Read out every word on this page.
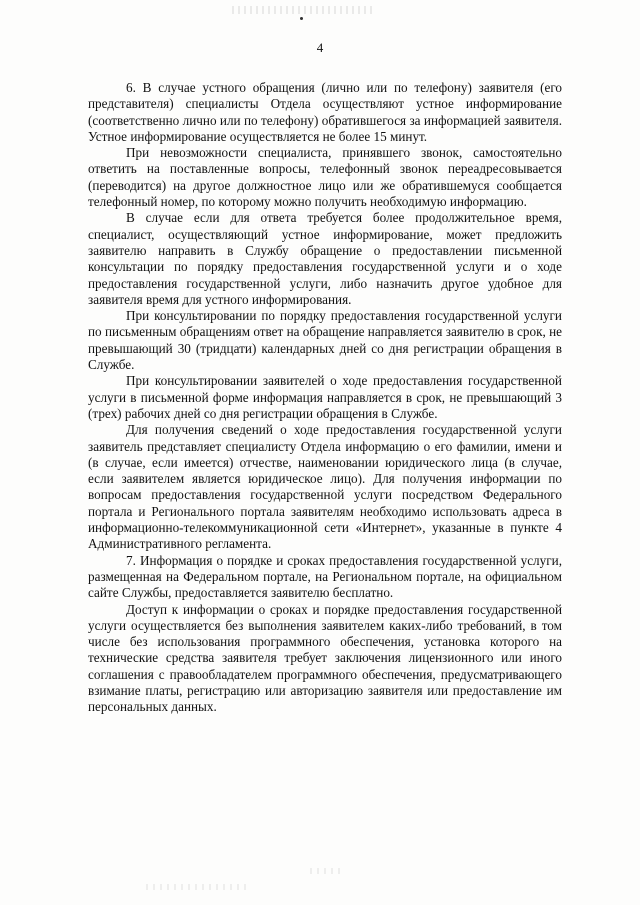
4

6. В случае устного обращения (лично или по телефону) заявителя (его представителя) специалисты Отдела осуществляют устное информирование (соответственно лично или по телефону) обратившегося за информацией заявителя. Устное информирование осуществляется не более 15 минут.

При невозможности специалиста, принявшего звонок, самостоятельно ответить на поставленные вопросы, телефонный звонок переадресовывается (переводится) на другое должностное лицо или же обратившемуся сообщается телефонный номер, по которому можно получить необходимую информацию.

В случае если для ответа требуется более продолжительное время, специалист, осуществляющий устное информирование, может предложить заявителю направить в Службу обращение о предоставлении письменной консультации по порядку предоставления государственной услуги и о ходе предоставления государственной услуги, либо назначить другое удобное для заявителя время для устного информирования.

При консультировании по порядку предоставления государственной услуги по письменным обращениям ответ на обращение направляется заявителю в срок, не превышающий 30 (тридцати) календарных дней со дня регистрации обращения в Службе.

При консультировании заявителей о ходе предоставления государственной услуги в письменной форме информация направляется в срок, не превышающий 3 (трех) рабочих дней со дня регистрации обращения в Службе.

Для получения сведений о ходе предоставления государственной услуги заявитель представляет специалисту Отдела информацию о его фамилии, имени и (в случае, если имеется) отчестве, наименовании юридического лица (в случае, если заявителем является юридическое лицо). Для получения информации по вопросам предоставления государственной услуги посредством Федерального портала и Регионального портала заявителям необходимо использовать адреса в информационно-телекоммуникационной сети «Интернет», указанные в пункте 4 Административного регламента.

7. Информация о порядке и сроках предоставления государственной услуги, размещенная на Федеральном портале, на Региональном портале, на официальном сайте Службы, предоставляется заявителю бесплатно.

Доступ к информации о сроках и порядке предоставления государственной услуги осуществляется без выполнения заявителем каких-либо требований, в том числе без использования программного обеспечения, установка которого на технические средства заявителя требует заключения лицензионного или иного соглашения с правообладателем программного обеспечения, предусматривающего взимание платы, регистрацию или авторизацию заявителя или предоставление им персональных данных.
